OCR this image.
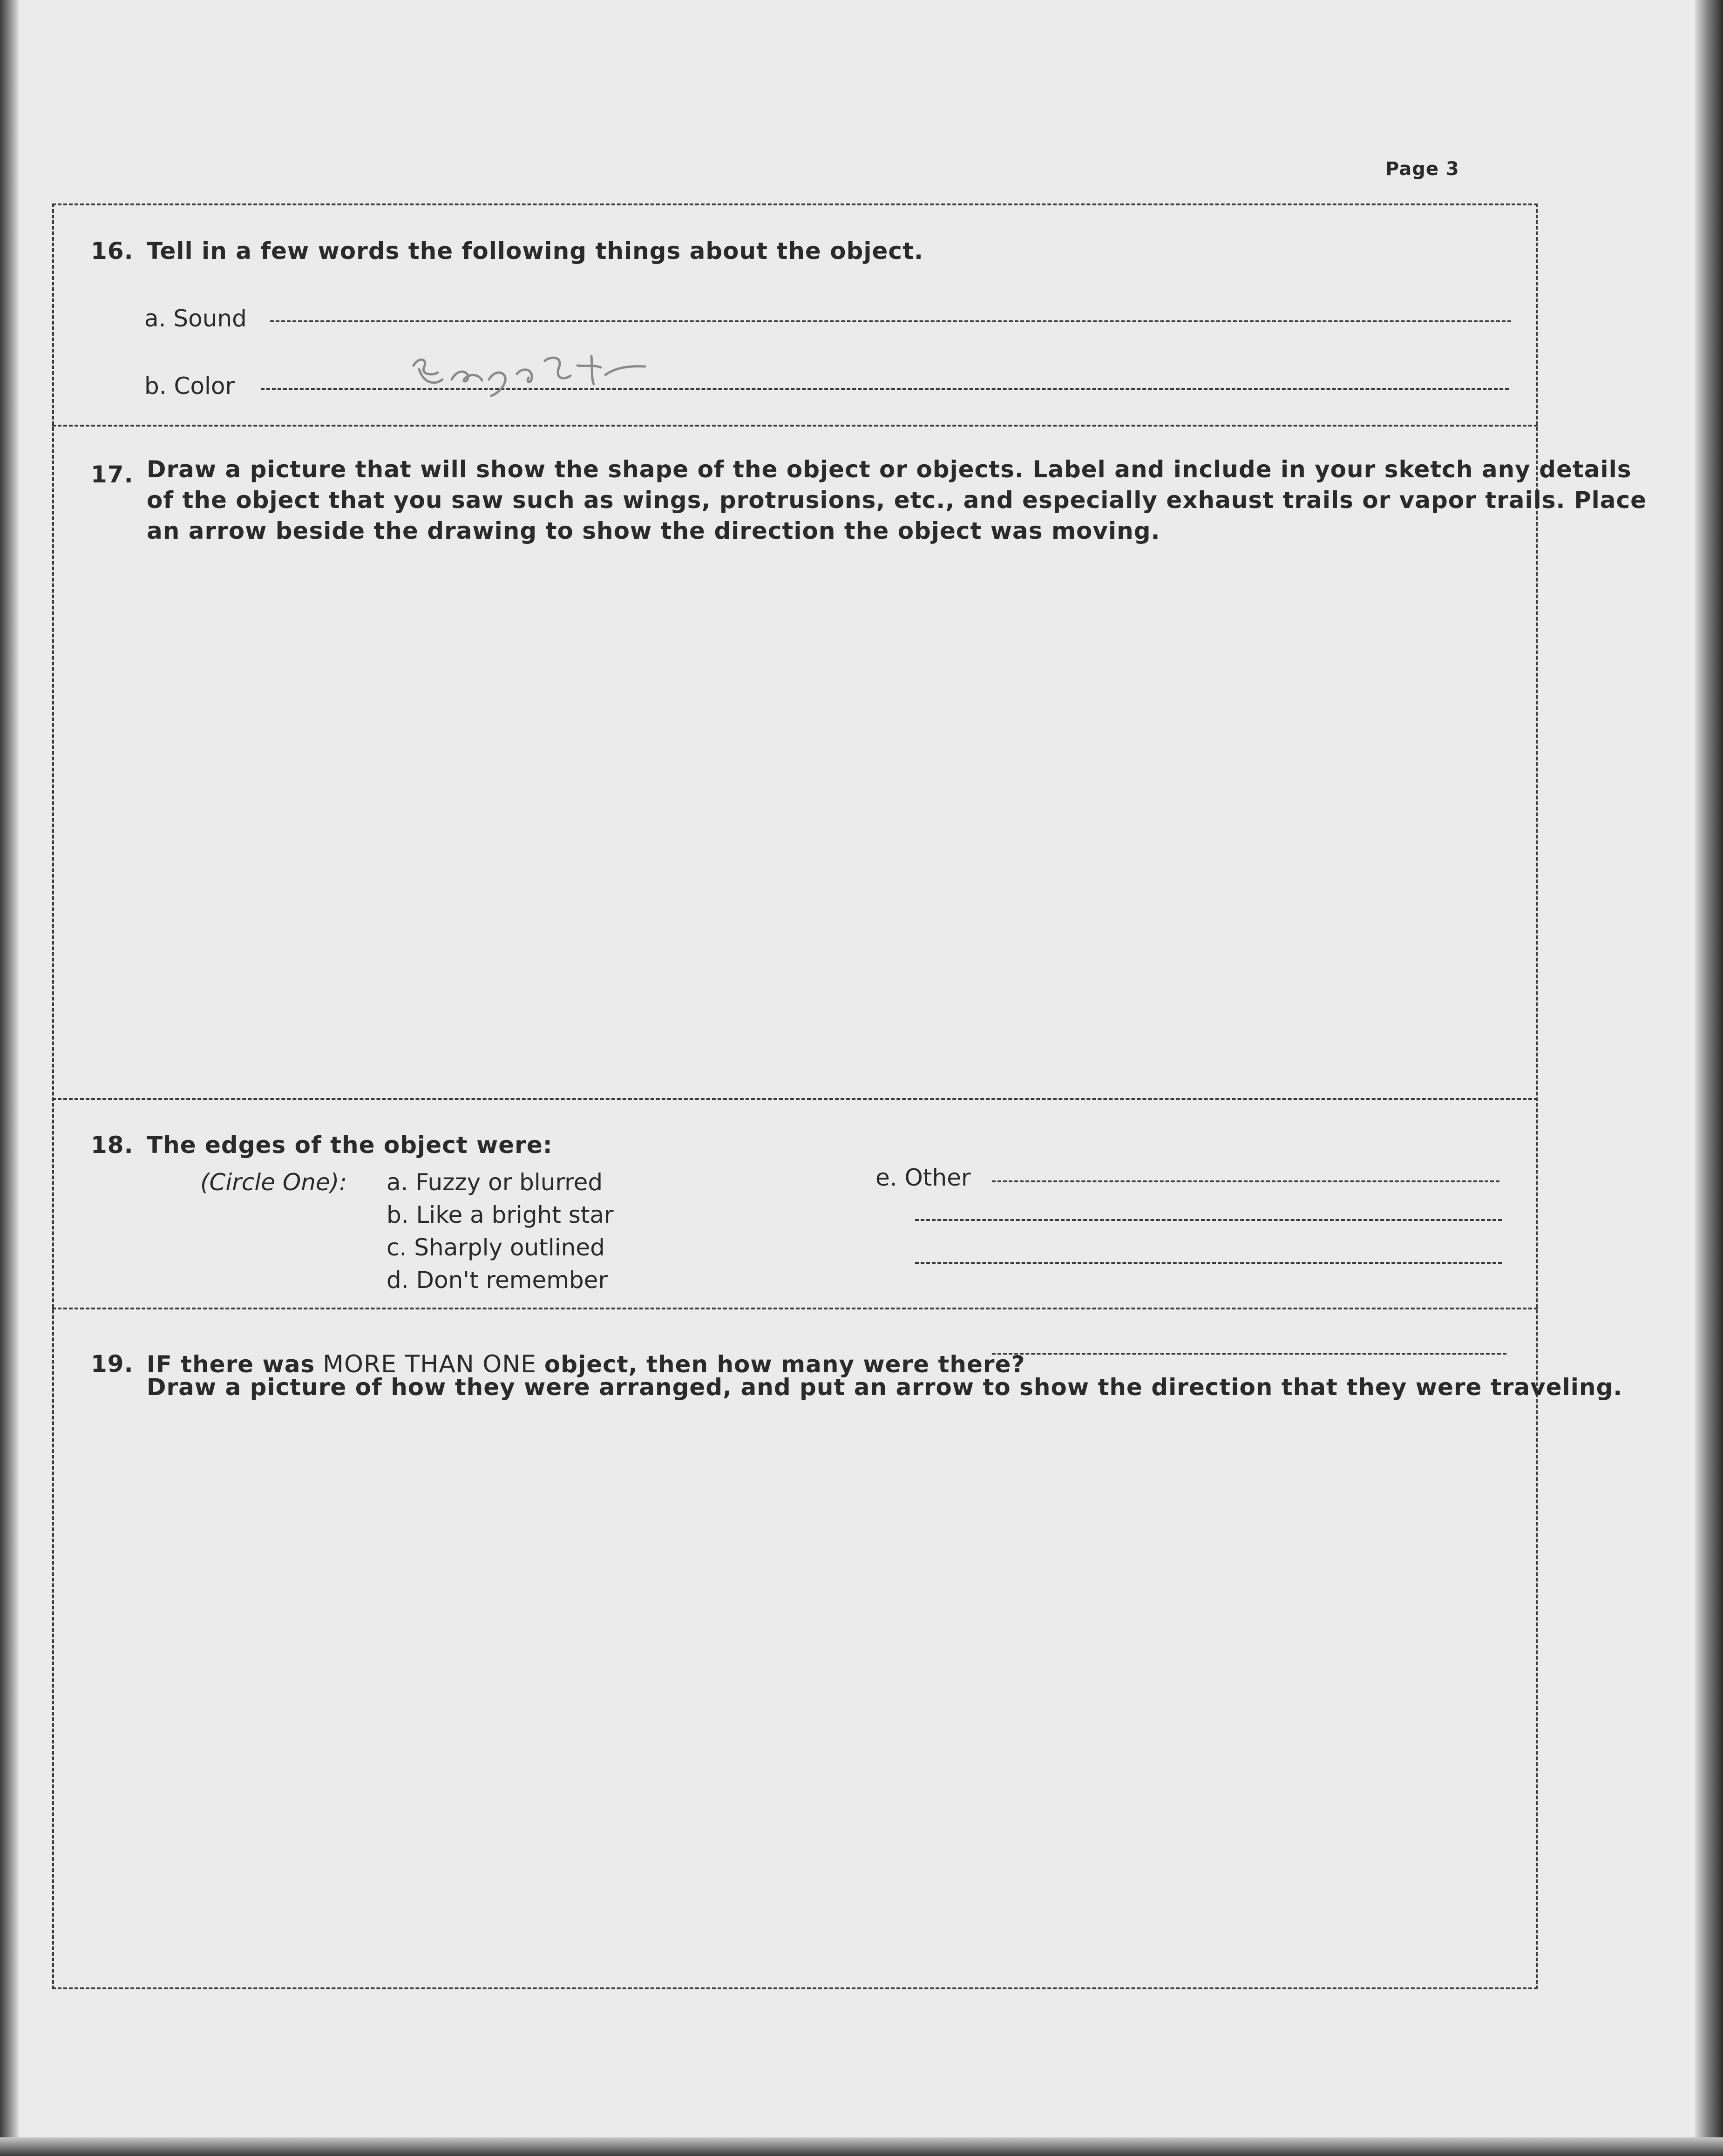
Page 3
16. Tell in a few words the following things about the object.
a. Sound
b. Color
17. Draw a picture that will show the shape of the object or objects. Label and include in your sketch any details
of the object that you saw such as wings, protrusions, etc., and especially exhaust trails or vapor trails. Place
an arrow beside the drawing to show the direction the object was moving.
18. The edges of the object were:
(Circle One): a. Fuzzy or blurred
b. Like a bright star
c. Sharply outlined
d. Don't remember
e. Other
19. IF there was MORE THAN ONE object, then how many were there?
Draw a picture of how they were arranged, and put an arrow to show the direction that they were traveling.
